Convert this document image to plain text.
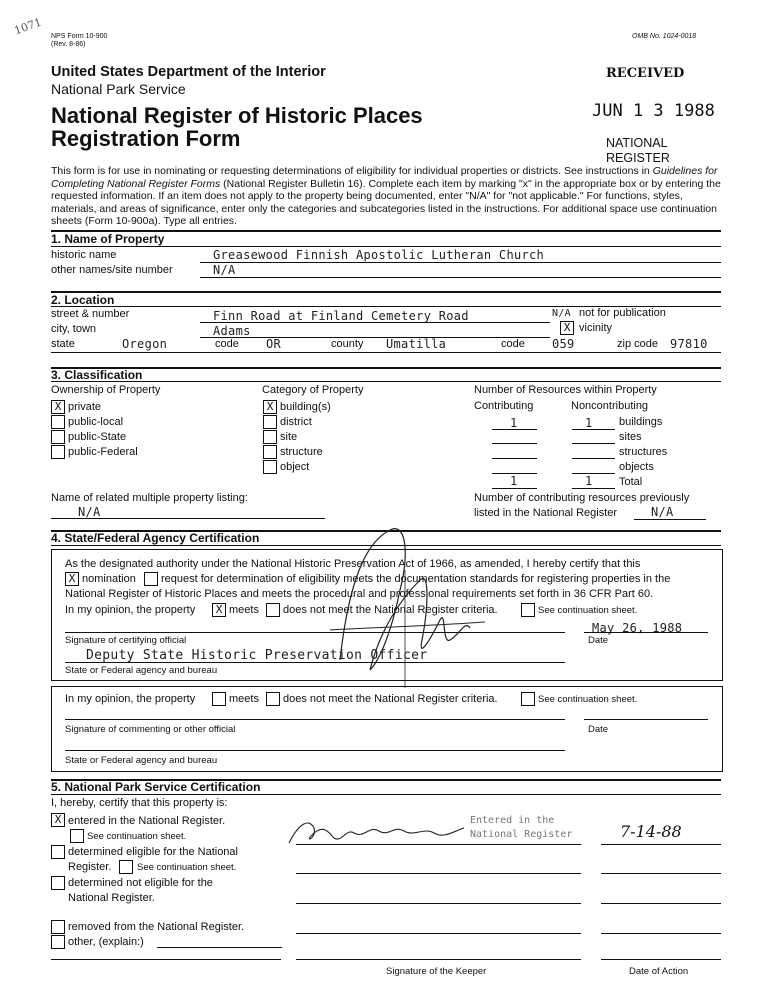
NPS Form 10-900
(Rev. 8-86)
OMB No. 1024-0018
1071
United States Department of the Interior
National Park Service
National Register of Historic Places
Registration Form
RECEIVED
JUN 1 3 1988
NATIONAL
REGISTER
This form is for use in nominating or requesting determinations of eligibility for individual properties or districts. See instructions in Guidelines for Completing National Register Forms (National Register Bulletin 16). Complete each item by marking "x" in the appropriate box or by entering the requested information. If an item does not apply to the property being documented, enter "N/A" for "not applicable." For functions, styles, materials, and areas of significance, enter only the categories and subcategories listed in the instructions. For additional space use continuation sheets (Form 10-900a). Type all entries.
1. Name of Property
historic name	Greasewood Finnish Apostolic Lutheran Church
other names/site number	N/A
2. Location
street & number	Finn Road at Finland Cemetery Road	N/A not for publication
city, town	Adams	X vicinity
state	Oregon	code OR	county Umatilla	code 059	zip code 97810
3. Classification
Ownership of Property	Category of Property	Number of Resources within Property
X private
public-local
public-State
public-Federal
X building(s)
district
site
structure
object
Contributing	Noncontributing
1	1 buildings
sites
structures
objects
1	1 Total
Name of related multiple property listing:
N/A
Number of contributing resources previously
listed in the National Register	N/A
4. State/Federal Agency Certification
As the designated authority under the National Historic Preservation Act of 1966, as amended, I hereby certify that this
X nomination request for determination of eligibility meets the documentation standards for registering properties in the
National Register of Historic Places and meets the procedural and professional requirements set forth in 36 CFR Part 60.
In my opinion, the property	X meets does not meet the National Register criteria.	See continuation sheet.
May 26, 1988
Signature of certifying official	Date
Deputy State Historic Preservation Officer
State or Federal agency and bureau
In my opinion, the property	meets does not meet the National Register criteria.	See continuation sheet.
Signature of commenting or other official	Date
State or Federal agency and bureau
5. National Park Service Certification
I, hereby, certify that this property is:
X entered in the National Register.
See continuation sheet.
determined eligible for the National
Register.	See continuation sheet.
determined not eligible for the
National Register.
removed from the National Register.
other, (explain:)
Entered in the
National Register	7-14-88
Signature of the Keeper	Date of Action
